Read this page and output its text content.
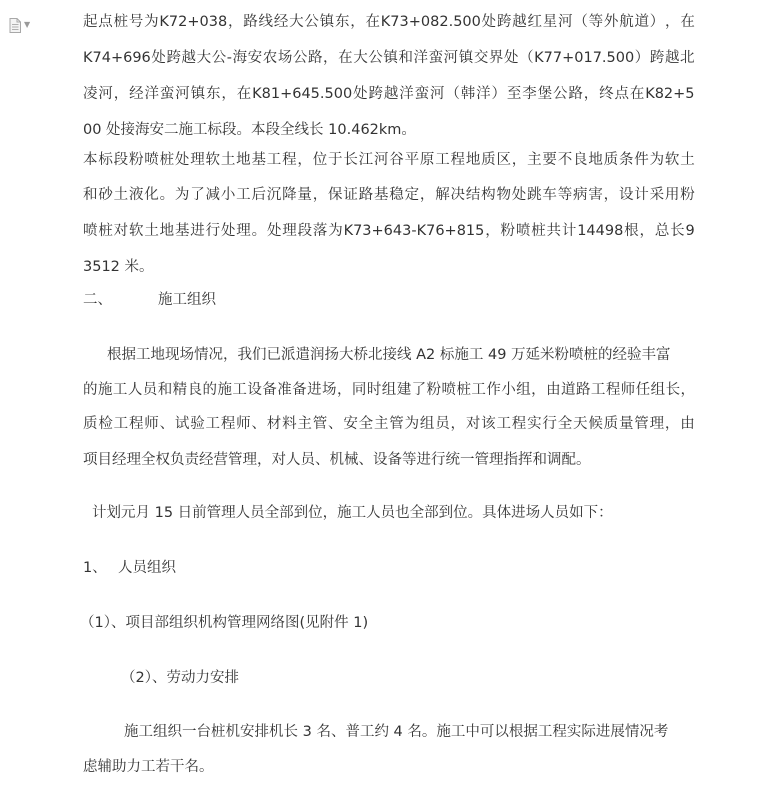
▼	起 点 桩 号 为 K72+038 ， 路 线 经 大 公 镇 东 ， 在 K73+082.500 处 跨 越 红 星 河 （ 等 外 航 道 ） ， 在
K74+696 处 跨 越 大 公 - 海 安 农 场 公 路 ， 在 大 公 镇 和 洋 蛮 河 镇 交 界 处 （ K77+017.500 ） 跨 越 北
凌 河 ， 经 洋 蛮 河 镇 东 ， 在 K81+645.500 处 跨 越 洋 蛮 河 （ 韩 洋 ） 至 李 堡 公 路 ， 终 点 在 K82+5
00 处接海安二施工标段。本段全线长 10.462km。
本 标 段 粉 喷 桩 处 理 软 土 地 基 工 程 ， 位 于 长 江 河 谷 平 原 工 程 地 质 区 ， 主 要 不 良 地 质 条 件 为 软 土
和 砂 土 液 化 。 为 了 减 小 工 后 沉 降 量 ， 保 证 路 基 稳 定 ， 解 决 结 构 物 处 跳 车 等 病 害 ， 设 计 采 用 粉
喷 桩 对 软 土 地 基 进 行 处 理 。 处 理 段 落 为 K73+643-K76+815 ， 粉 喷 桩 共 计 14498 根 ， 总 长 9
3512 米。
二、	施工组织
根据工地现场情况，我们已派遣润扬大桥北接线 A2 标施工 49 万延米粉喷桩的经验丰富
的 施 工 人 员 和 精 良 的 施 工 设 备 准 备 进 场 ， 同 时 组 建 了 粉 喷 桩 工 作 小 组 ， 由 道 路 工 程 师 任 组 长 ，
质 检 工 程 师 、 试 验 工 程 师 、 材 料 主 管 、 安 全 主 管 为 组 员 ， 对 该 工 程 实 行 全 天 候 质 量 管 理 ， 由
项目经理全权负责经营管理，对人员、机械、设备等进行统一管理指挥和调配。
计划元月 15 日前管理人员全部到位，施工人员也全部到位。具体进场人员如下：
1、 人员组织
（1）、项目部组织机构管理网络图(见附件 1)
（2）、劳动力安排
施工组织一台桩机安排机长 3 名、普工约 4 名。施工中可以根据工程实际进展情况考
虑辅助力工若干名。
